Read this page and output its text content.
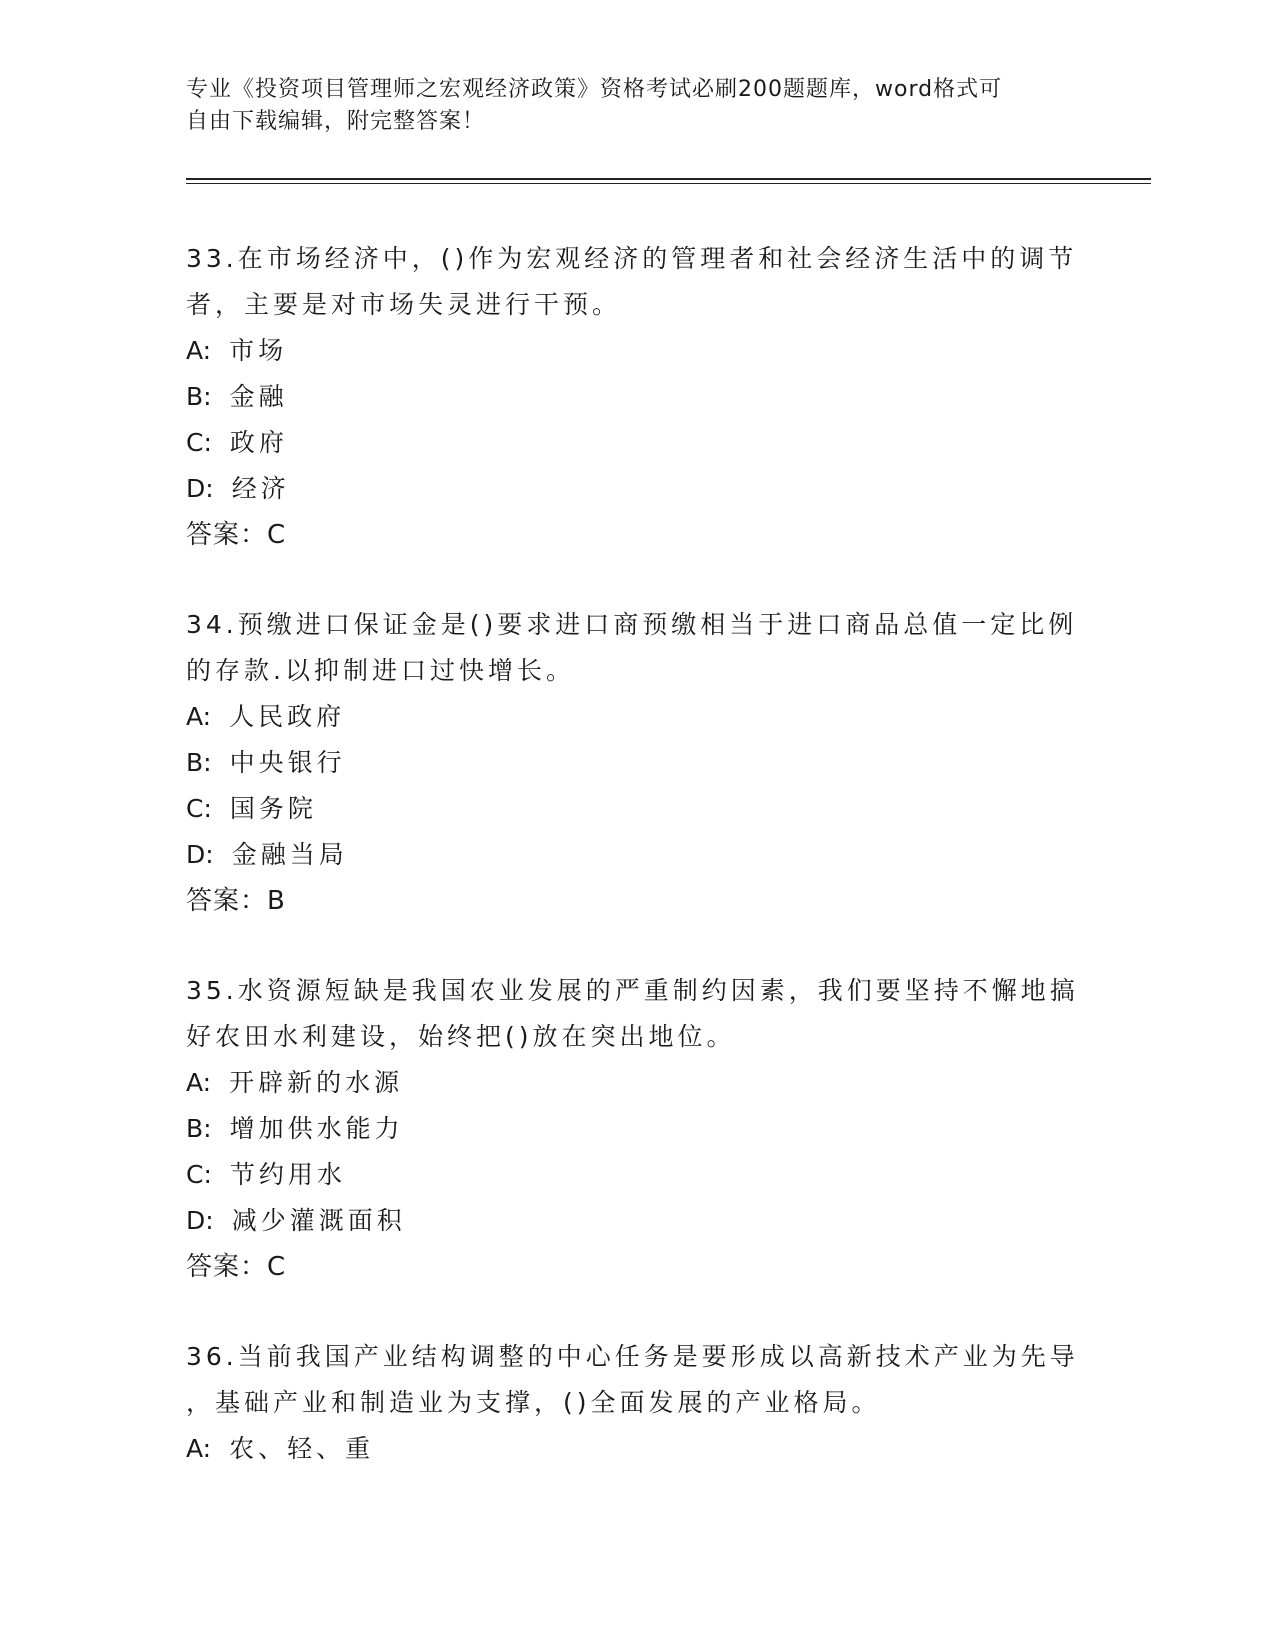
专业《投资项目管理师之宏观经济政策》资格考试必刷200题题库，word格式可
自由下载编辑，附完整答案！
33.在市场经济中，()作为宏观经济的管理者和社会经济生活中的调节
者，主要是对市场失灵进行干预。
A: 市场
B: 金融
C: 政府
D: 经济
答案：C
34.预缴进口保证金是()要求进口商预缴相当于进口商品总值一定比例
的存款.以抑制进口过快增长。
A: 人民政府
B: 中央银行
C: 国务院
D: 金融当局
答案：B
35.水资源短缺是我国农业发展的严重制约因素，我们要坚持不懈地搞
好农田水利建设，始终把()放在突出地位。
A: 开辟新的水源
B: 增加供水能力
C: 节约用水
D: 减少灌溉面积
答案：C
36.当前我国产业结构调整的中心任务是要形成以高新技术产业为先导
，基础产业和制造业为支撑，()全面发展的产业格局。
A: 农、轻、重
